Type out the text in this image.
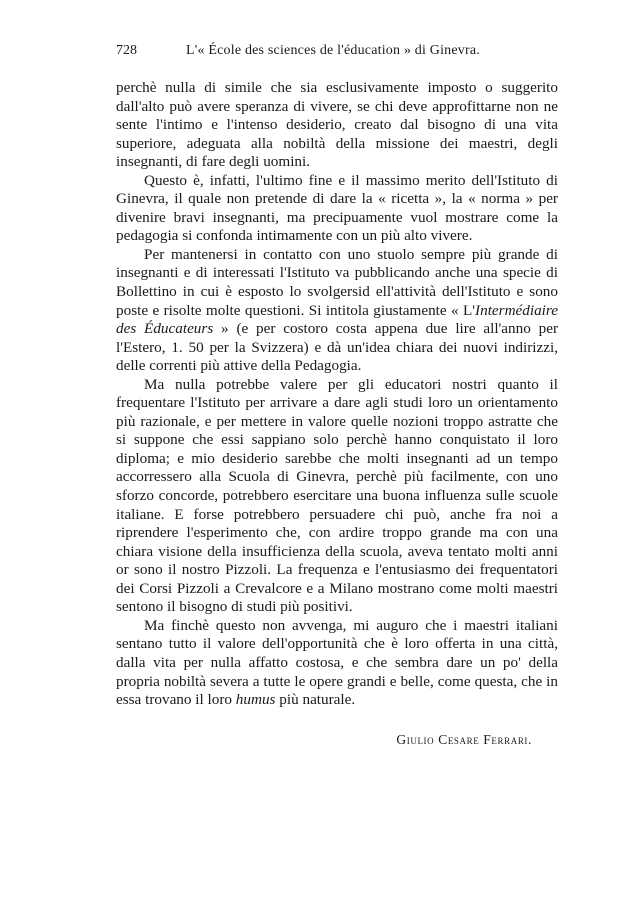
728	L'« École des sciences de l'éducation » di Ginevra.

perchè nulla di simile che sia esclusivamente imposto o suggerito dall'alto può avere speranza di vivere, se chi deve approfittarne non ne sente l'intimo e l'intenso desiderio, creato dal bisogno di una vita superiore, adeguata alla nobiltà della missione dei maestri, degli insegnanti, di fare degli uomini.

Questo è, infatti, l'ultimo fine e il massimo merito dell'Istituto di Ginevra, il quale non pretende di dare la « ricetta », la « norma » per divenire bravi insegnanti, ma precipuamente vuol mostrare come la pedagogia si confonda intimamente con un più alto vivere.

Per mantenersi in contatto con uno stuolo sempre più grande di insegnanti e di interessati l'Istituto va pubblicando anche una specie di Bollettino in cui è esposto lo svolgersid ell'attività dell'Istituto e sono poste e risolte molte questioni. Si intitola giustamente « L'Intermédiaire des Éducateurs » (e per costoro costa appena due lire all'anno per l'Estero, 1. 50 per la Svizzera) e dà un'idea chiara dei nuovi indirizzi, delle correnti più attive della Pedagogia.

Ma nulla potrebbe valere per gli educatori nostri quanto il frequentare l'Istituto per arrivare a dare agli studi loro un orientamento più razionale, e per mettere in valore quelle nozioni troppo astratte che si suppone che essi sappiano solo perchè hanno conquistato il loro diploma; e mio desiderio sarebbe che molti insegnanti ad un tempo accorressero alla Scuola di Ginevra, perchè più facilmente, con uno sforzo concorde, potrebbero esercitare una buona influenza sulle scuole italiane. E forse potrebbero persuadere chi può, anche fra noi a riprendere l'esperimento che, con ardire troppo grande ma con una chiara visione della insufficienza della scuola, aveva tentato molti anni or sono il nostro Pizzoli. La frequenza e l'entusiasmo dei frequentatori dei Corsi Pizzoli a Crevalcore e a Milano mostrano come molti maestri sentono il bisogno di studi più positivi.

Ma finchè questo non avvenga, mi auguro che i maestri italiani sentano tutto il valore dell'opportunità che è loro offerta in una città, dalla vita per nulla affatto costosa, e che sembra dare un po' della propria nobiltà severa a tutte le opere grandi e belle, come questa, che in essa trovano il loro humus più naturale.

Giulio Cesare Ferrari.
